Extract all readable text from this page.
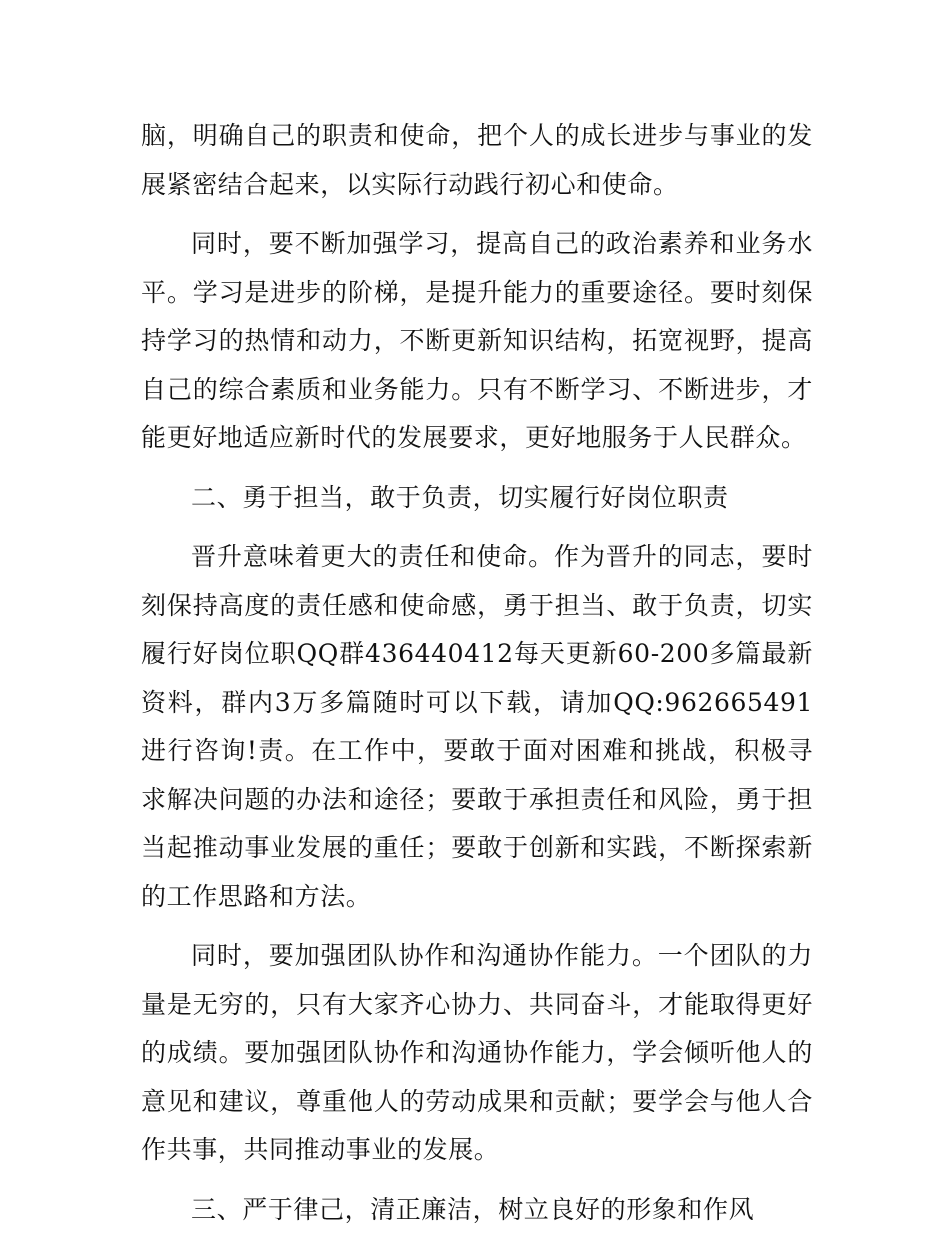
脑，明确自己的职责和使命，把个人的成长进步与事业的发展紧密结合起来，以实际行动践行初心和使命。

同时，要不断加强学习，提高自己的政治素养和业务水平。学习是进步的阶梯，是提升能力的重要途径。要时刻保持学习的热情和动力，不断更新知识结构，拓宽视野，提高自己的综合素质和业务能力。只有不断学习、不断进步，才能更好地适应新时代的发展要求，更好地服务于人民群众。

二、勇于担当，敢于负责，切实履行好岗位职责

晋升意味着更大的责任和使命。作为晋升的同志，要时刻保持高度的责任感和使命感，勇于担当、敢于负责，切实履行好岗位职QQ群436440412每天更新60-200多篇最新资料，群内3万多篇随时可以下载，请加QQ:962665491进行咨询!责。在工作中，要敢于面对困难和挑战，积极寻求解决问题的办法和途径；要敢于承担责任和风险，勇于担当起推动事业发展的重任；要敢于创新和实践，不断探索新的工作思路和方法。

同时，要加强团队协作和沟通协作能力。一个团队的力量是无穷的，只有大家齐心协力、共同奋斗，才能取得更好的成绩。要加强团队协作和沟通协作能力，学会倾听他人的意见和建议，尊重他人的劳动成果和贡献；要学会与他人合作共事，共同推动事业的发展。

三、严于律己，清正廉洁，树立良好的形象和作风
